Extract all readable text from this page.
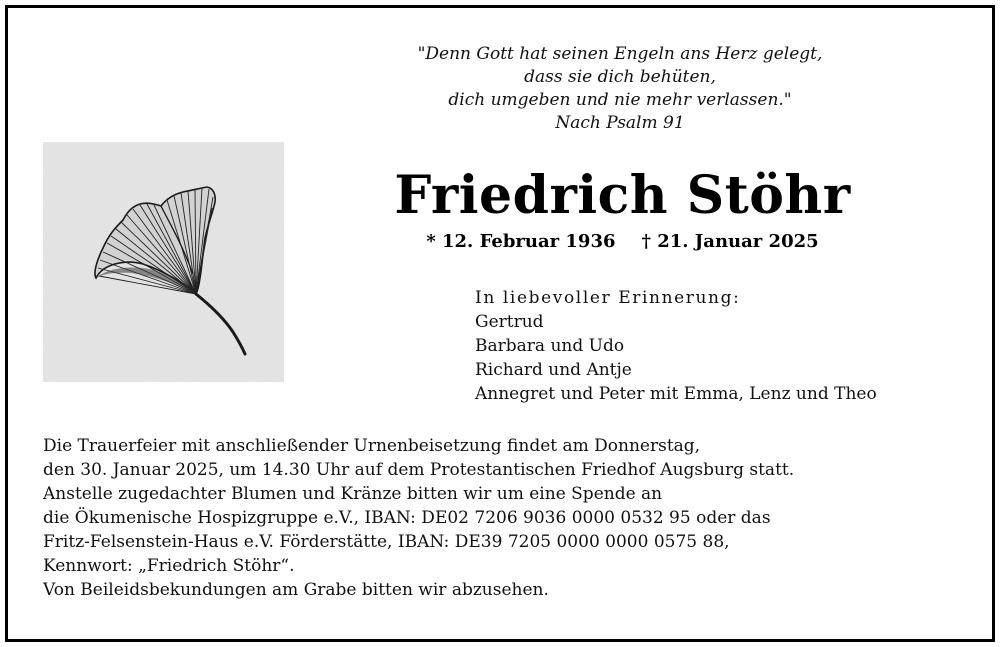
"Denn Gott hat seinen Engeln ans Herz gelegt,
dass sie dich behüten,
dich umgeben und nie mehr verlassen."
Nach Psalm 91
Friedrich Stöhr
* 12. Februar 1936 † 21. Januar 2025
In liebevoller Erinnerung:
Gertrud
Barbara und Udo
Richard und Antje
Annegret und Peter mit Emma, Lenz und Theo
Die Trauerfeier mit anschließender Urnenbeisetzung findet am Donnerstag,
den 30. Januar 2025, um 14.30 Uhr auf dem Protestantischen Friedhof Augsburg statt.
Anstelle zugedachter Blumen und Kränze bitten wir um eine Spende an
die Ökumenische Hospizgruppe e.V., IBAN: DE02 7206 9036 0000 0532 95 oder das
Fritz-Felsenstein-Haus e.V. Förderstätte, IBAN: DE39 7205 0000 0000 0575 88,
Kennwort: „Friedrich Stöhr“.
Von Beileidsbekundungen am Grabe bitten wir abzusehen.
